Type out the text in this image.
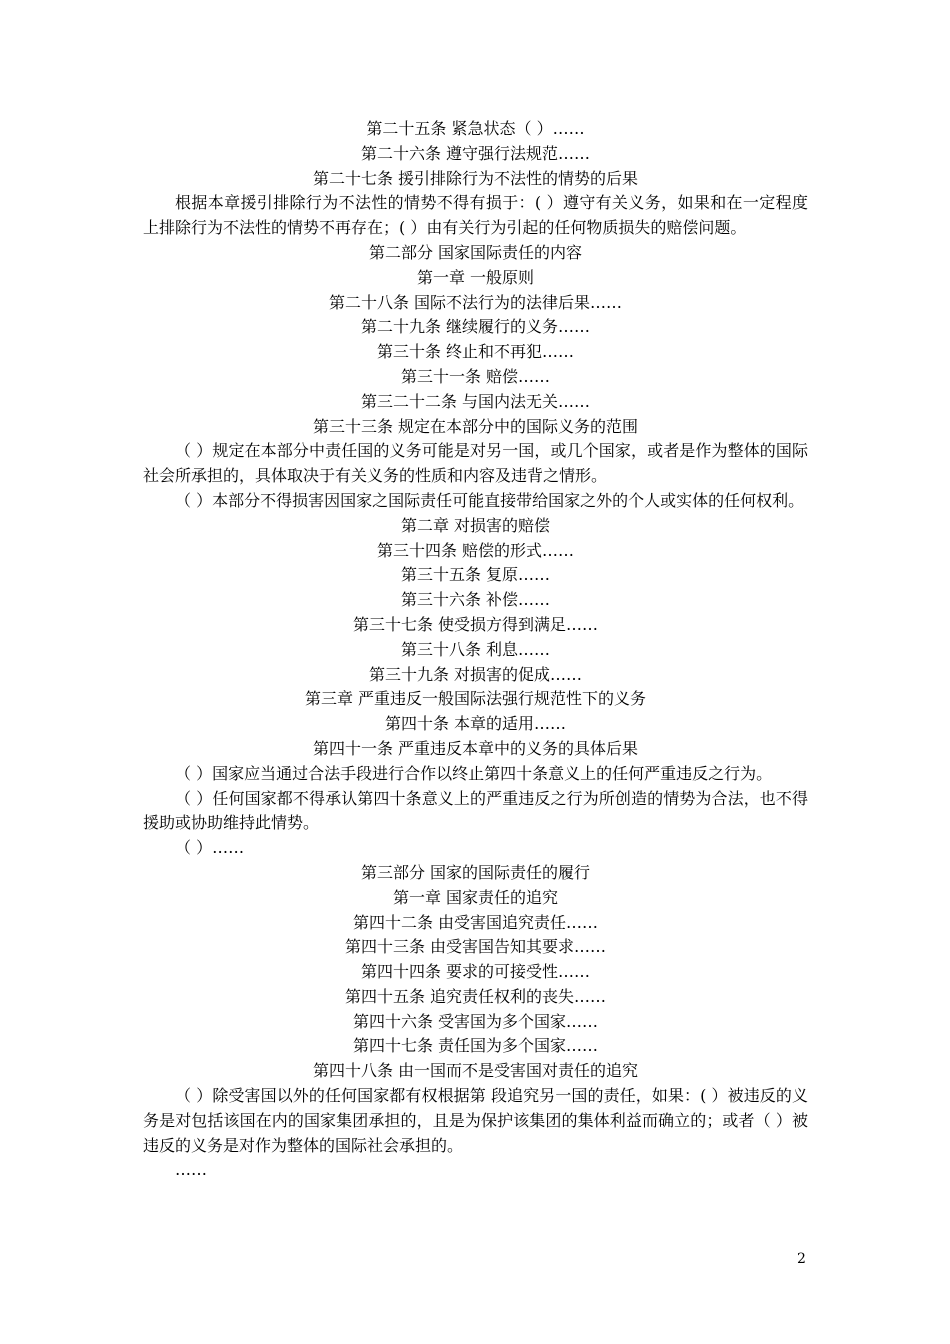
第二十五条 紧急状态（ ）……
第二十六条 遵守强行法规范……
第二十七条 援引排除行为不法性的情势的后果
根据本章援引排除行为不法性的情势不得有损于：( ）遵守有关义务，如果和在一定程度上排除行为不法性的情势不再存在；( ）由有关行为引起的任何物质损失的赔偿问题。
第二部分 国家国际责任的内容
第一章 一般原则
第二十八条 国际不法行为的法律后果……
第二十九条 继续履行的义务……
第三十条 终止和不再犯……
第三十一条 赔偿……
第三二十二条 与国内法无关……
第三十三条 规定在本部分中的国际义务的范围
（ ）规定在本部分中责任国的义务可能是对另一国，或几个国家，或者是作为整体的国际社会所承担的，具体取决于有关义务的性质和内容及违背之情形。
（ ）本部分不得损害因国家之国际责任可能直接带给国家之外的个人或实体的任何权利。
第二章 对损害的赔偿
第三十四条 赔偿的形式……
第三十五条 复原……
第三十六条 补偿……
第三十七条 使受损方得到满足……
第三十八条 利息……
第三十九条 对损害的促成……
第三章 严重违反一般国际法强行规范性下的义务
第四十条 本章的适用……
第四十一条 严重违反本章中的义务的具体后果
（ ）国家应当通过合法手段进行合作以终止第四十条意义上的任何严重违反之行为。
（ ）任何国家都不得承认第四十条意义上的严重违反之行为所创造的情势为合法，也不得援助或协助维持此情势。
（ ）……
第三部分 国家的国际责任的履行
第一章 国家责任的追究
第四十二条 由受害国追究责任……
第四十三条 由受害国告知其要求……
第四十四条 要求的可接受性……
第四十五条 追究责任权利的丧失……
第四十六条 受害国为多个国家……
第四十七条 责任国为多个国家……
第四十八条 由一国而不是受害国对责任的追究
（ ）除受害国以外的任何国家都有权根据第 段追究另一国的责任，如果：( ）被违反的义务是对包括该国在内的国家集团承担的，且是为保护该集团的集体利益而确立的；或者（ ）被违反的义务是对作为整体的国际社会承担的。
……
2
